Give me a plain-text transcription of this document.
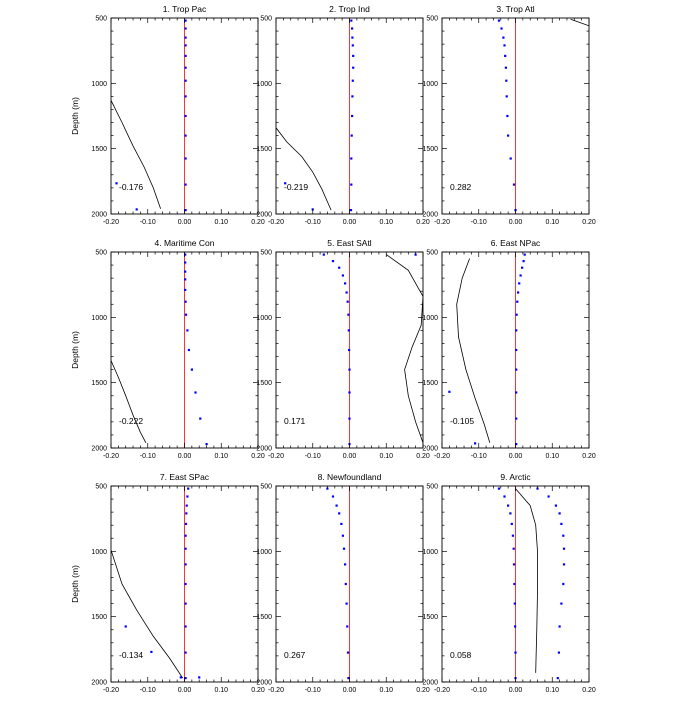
1. Trop Pac
-0.20	-0.10	0.00	0.10	0.20
500
1000
1500
2000
Depth (m)
-0.176
2. Trop Ind
-0.20	-0.10	0.00	0.10	0.20
500
1000
1500
2000
-0.219
3. Trop Atl
-0.20	-0.10	0.00	0.10	0.20
500
1000
1500
2000
0.282
4. Maritime Con
-0.20	-0.10	0.00	0.10	0.20
500
1000
1500
2000
Depth (m)
-0.222
5. East SAtl
-0.20	-0.10	0.00	0.10	0.20
500
1000
1500
2000
0.171
6. East NPac
-0.20	-0.10	0.00	0.10	0.20
500
1000
1500
2000
-0.105
7. East SPac
-0.20	-0.10	0.00	0.10	0.20
500
1000
1500
2000
Depth (m)
-0.134
8. Newfoundland
-0.20	-0.10	0.00	0.10	0.20
500
1000
1500
2000
0.267
9. Arctic
-0.20	-0.10	0.00	0.10	0.20
500
1000
1500
2000
0.058
